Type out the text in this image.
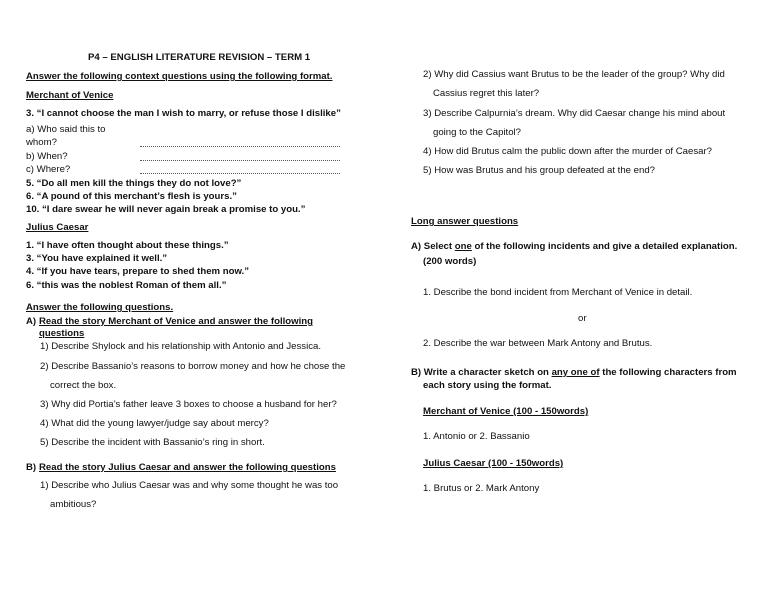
P4 – ENGLISH LITERATURE REVISION – TERM 1
Answer the following context questions using the following format.
Merchant of Venice
3. “I cannot choose the man I wish to marry, or refuse those I dislike”
a) Who said this to
whom?
b) When?
c) Where?
5. “Do all men kill the things they do not love?”
6. “A pound of this merchant’s flesh is yours.”
10. “I dare swear he will never again break a promise to you.”
Julius Caesar
1. “I have often thought about these things.”
3. “You have explained it well.”
4. “If you have tears, prepare to shed them now.”
6. “this was the noblest Roman of them all.”
Answer the following questions.
A) Read the story Merchant of Venice and answer the following
questions
1) Describe Shylock and his relationship with Antonio and Jessica.
2) Describe Bassanio’s reasons to borrow money and how he chose the
correct the box.
3) Why did Portia’s father leave 3 boxes to choose a husband for her?
4) What did the young lawyer/judge say about mercy?
5) Describe the incident with Bassanio’s ring in short.
B) Read the story Julius Caesar and answer the following questions
1) Describe who Julius Caesar was and why some thought he was too
ambitious?
2) Why did Cassius want Brutus to be the leader of the group? Why did
Cassius regret this later?
3) Describe Calpurnia’s dream. Why did Caesar change his mind about
going to the Capitol?
4) How did Brutus calm the public down after the murder of Caesar?
5) How was Brutus and his group defeated at the end?
Long answer questions
A) Select one of the following incidents and give a detailed explanation.
(200 words)
1. Describe the bond incident from Merchant of Venice in detail.
or
2. Describe the war between Mark Antony and Brutus.
B) Write a character sketch on any one of the following characters from
each story using the format.
Merchant of Venice (100 - 150words)
1. Antonio or 2. Bassanio
Julius Caesar (100 - 150words)
1. Brutus or 2. Mark Antony
